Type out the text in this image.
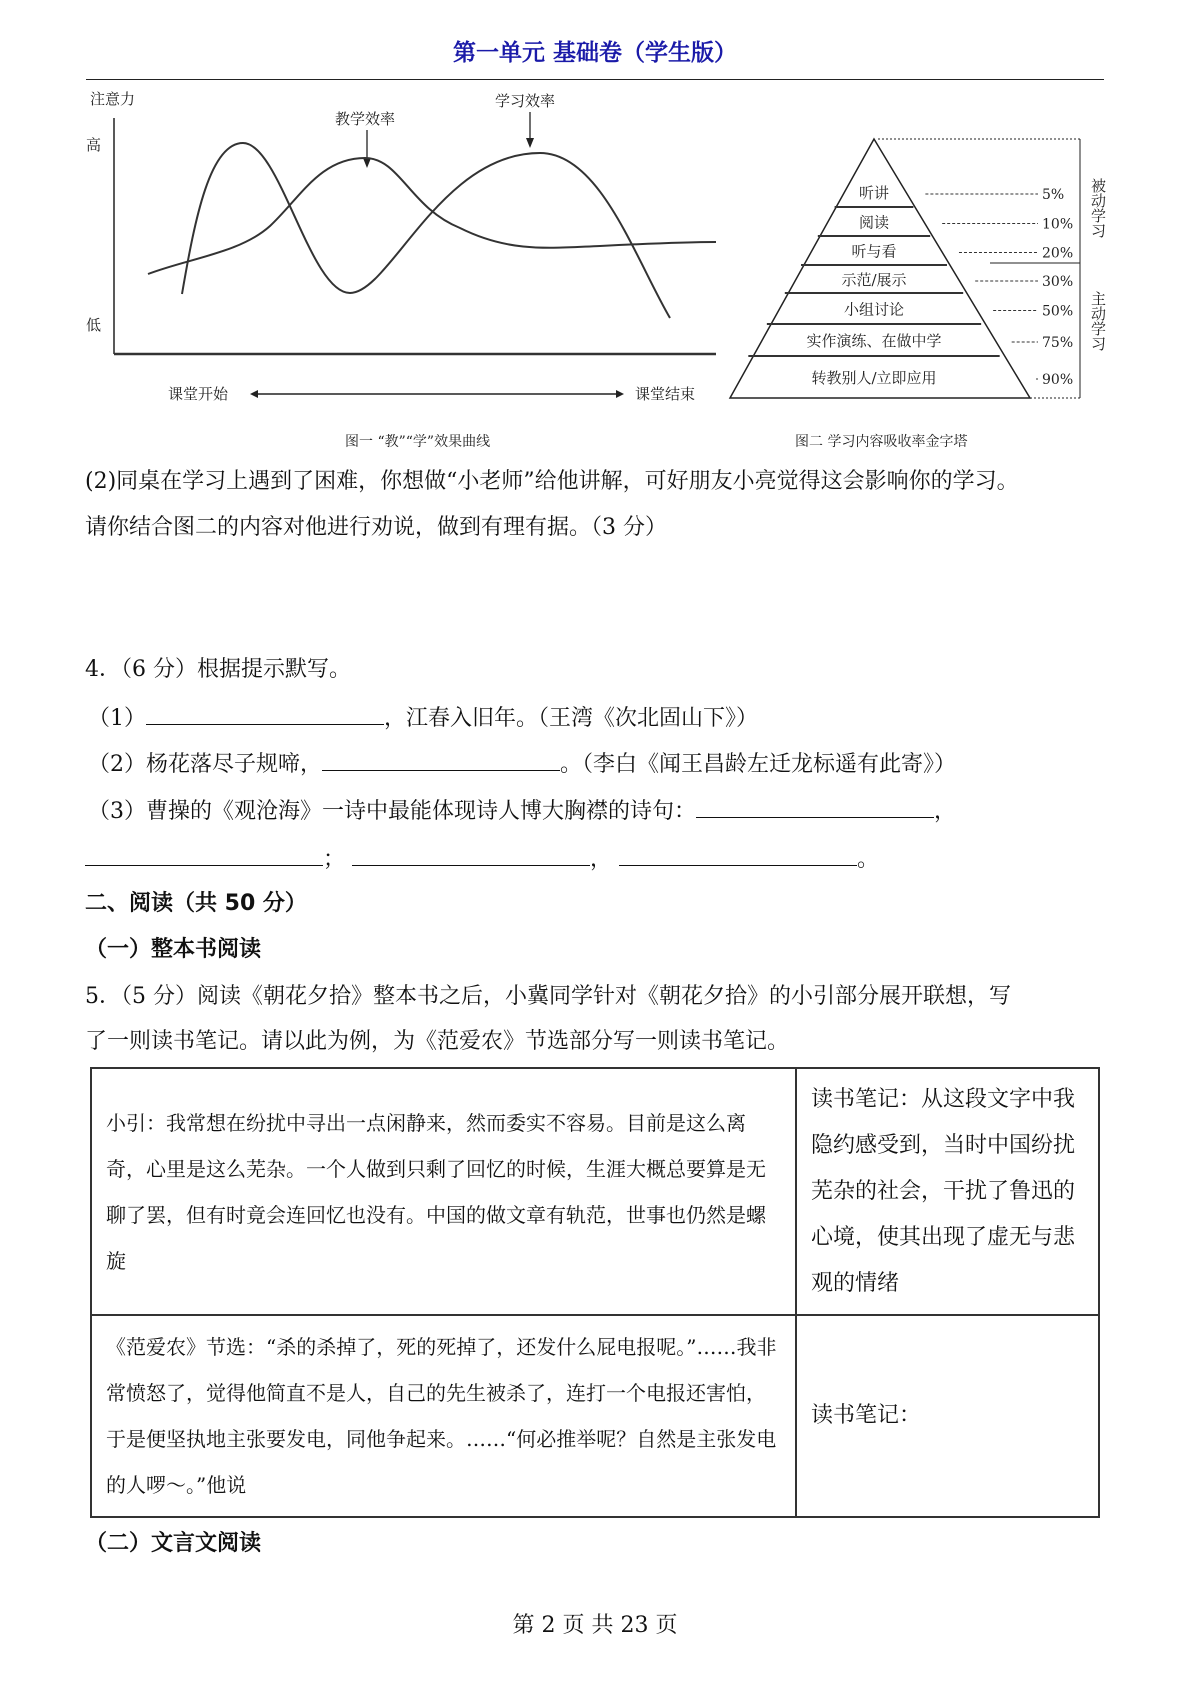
第一单元 基础卷（学生版）
注意力
高
低
教学效率
学习效率
课堂开始	课堂结束
图一 “教”“学”效果曲线
听讲	5%
阅读	10%
听与看	20%
示范/展示	30%
小组讨论	50%
实作演练、在做中学	75%
转教别人/立即应用	90%
被动学习
主动学习
图二 学习内容吸收率金字塔
(2)同桌在学习上遇到了困难，你想做“小老师”给他讲解，可好朋友小亮觉得这会影响你的学习。
请你结合图二的内容对他进行劝说，做到有理有据。（3 分）
4．（6 分）根据提示默写。
（1）	，江春入旧年。（王湾《次北固山下》）
（2）杨花落尽子规啼，	。（李白《闻王昌龄左迁龙标遥有此寄》）
（3）曹操的《观沧海》一诗中最能体现诗人博大胸襟的诗句：	，
；	，	。
二、阅读（共 50 分）
（一）整本书阅读
5．（5 分）阅读《朝花夕拾》整本书之后，小冀同学针对《朝花夕拾》的小引部分展开联想，写
了一则读书笔记。请以此为例，为《范爱农》节选部分写一则读书笔记。
小引：我常想在纷扰中寻出一点闲静来，然而委实不容易。目前是这么离奇，心里是这么芜杂。一个人做到只剩了回忆的时候，生涯大概总要算是无聊了罢，但有时竟会连回忆也没有。中国的做文章有轨范，世事也仍然是螺旋	读书笔记：从这段文字中我隐约感受到，当时中国纷扰芜杂的社会，干扰了鲁迅的心境，使其出现了虚无与悲观的情绪
《范爱农》节选：“杀的杀掉了，死的死掉了，还发什么屁电报呢。”……我非常愤怒了，觉得他简直不是人，自己的先生被杀了，连打一个电报还害怕，于是便坚执地主张要发电，同他争起来。……“何必推举呢？自然是主张发电的人啰～。”他说	读书笔记：
（二）文言文阅读
第 2 页 共 23 页
